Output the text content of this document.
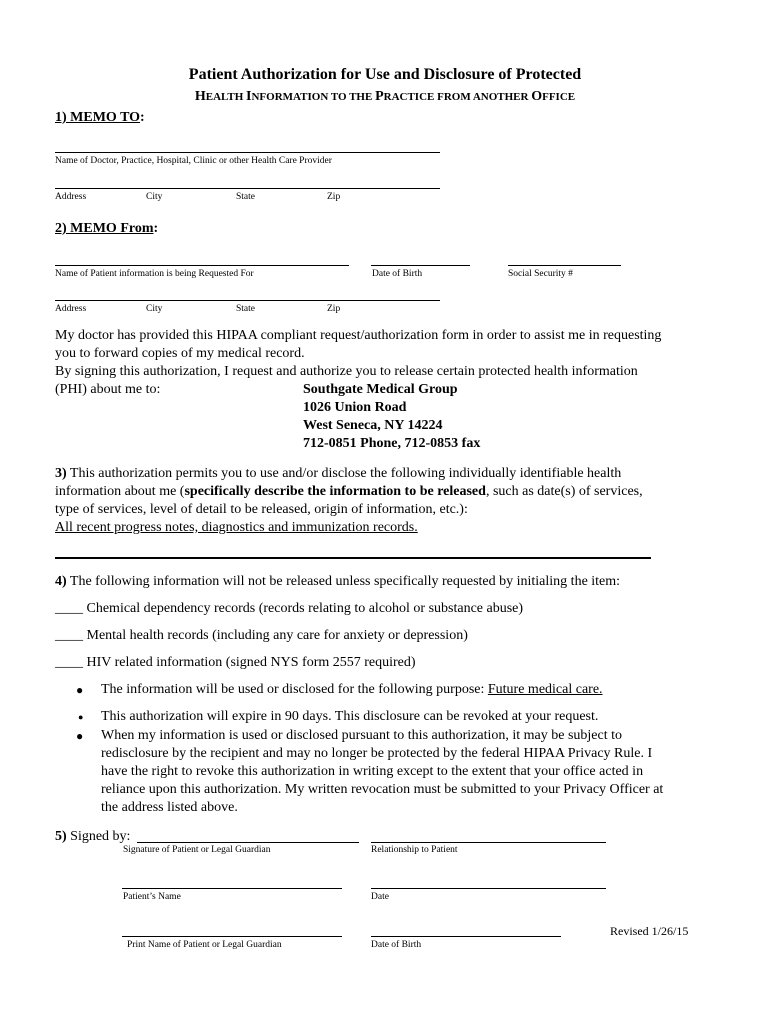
Patient Authorization for Use and Disclosure of Protected
HEALTH INFORMATION TO THE PRACTICE FROM ANOTHER OFFICE
1) MEMO TO:
Name of Doctor, Practice, Hospital, Clinic or other Health Care Provider
Address	City	State	Zip
2) MEMO From:
Name of Patient information is being Requested For	Date of Birth	Social Security #
Address	City	State	Zip
My doctor has provided this HIPAA compliant request/authorization form in order to assist me in requesting
you to forward copies of my medical record.
By signing this authorization, I request and authorize you to release certain protected health information
(PHI) about me to:	Southgate Medical Group
1026 Union Road
West Seneca, NY 14224
712-0851 Phone, 712-0853 fax
3) This authorization permits you to use and/or disclose the following individually identifiable health
information about me (specifically describe the information to be released, such as date(s) of services,
type of services, level of detail to be released, origin of information, etc.):
All recent progress notes, diagnostics and immunization records.
4) The following information will not be released unless specifically requested by initialing the item:
____ Chemical dependency records (records relating to alcohol or substance abuse)
____ Mental health records (including any care for anxiety or depression)
____ HIV related information (signed NYS form 2557 required)
● The information will be used or disclosed for the following purpose: Future medical care.
● This authorization will expire in 90 days. This disclosure can be revoked at your request.
● When my information is used or disclosed pursuant to this authorization, it may be subject to
redisclosure by the recipient and may no longer be protected by the federal HIPAA Privacy Rule. I
have the right to revoke this authorization in writing except to the extent that your office acted in
reliance upon this authorization. My written revocation must be submitted to your Privacy Officer at
the address listed above.
5) Signed by:
Signature of Patient or Legal Guardian	Relationship to Patient
Patient’s Name	Date
Print Name of Patient or Legal Guardian	Date of Birth
Revised 1/26/15
